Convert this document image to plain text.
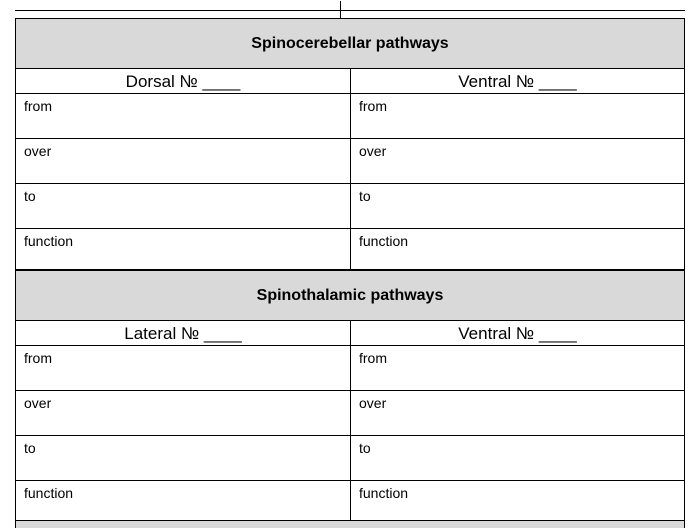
Spinocerebellar pathways
Dorsal № ____
from
over
to
function
Ventral № ____
from
over
to
function
Spinothalamic pathways
Lateral № ____
from
over
to
function
Ventral № ____
from
over
to
function
